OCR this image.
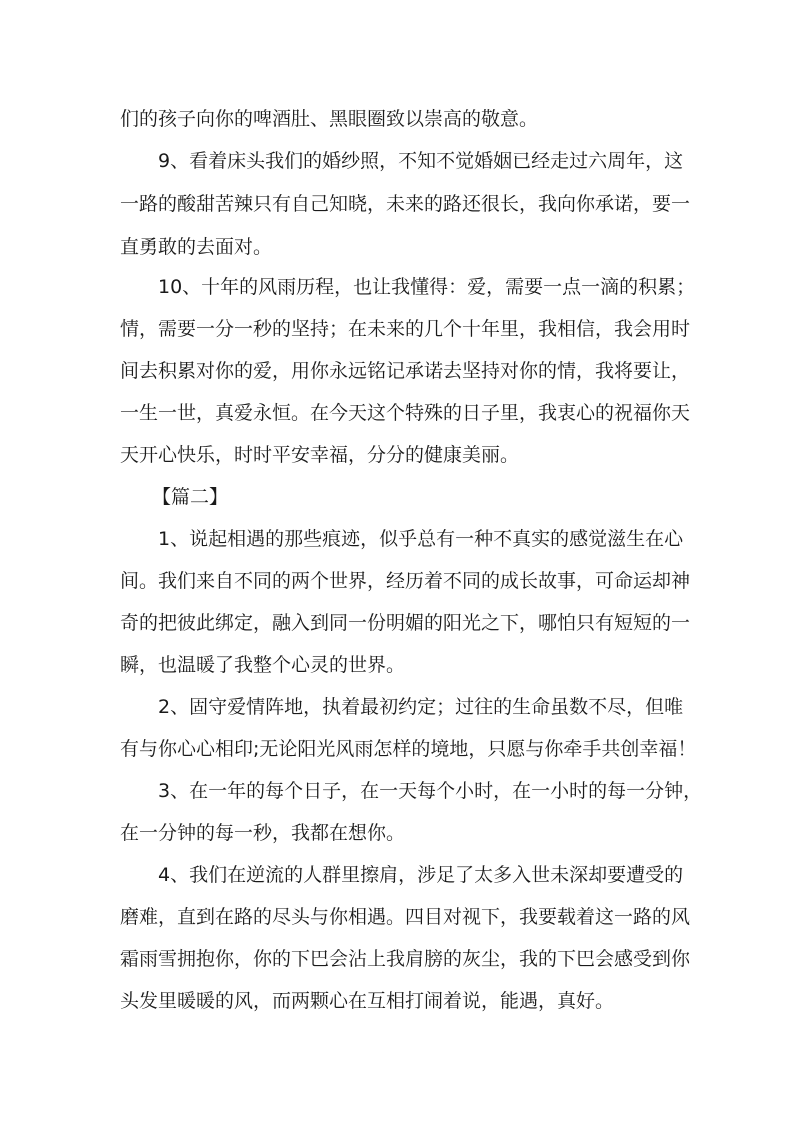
们的孩子向你的啤酒肚、黑眼圈致以崇高的敬意。
9、看着床头我们的婚纱照，不知不觉婚姻已经走过六周年，这
一路的酸甜苦辣只有自己知晓，未来的路还很长，我向你承诺，要一
直勇敢的去面对。
10、十年的风雨历程，也让我懂得：爱，需要一点一滴的积累；
情，需要一分一秒的坚持；在未来的几个十年里，我相信，我会用时
间去积累对你的爱，用你永远铭记承诺去坚持对你的情，我将要让，
一生一世，真爱永恒。在今天这个特殊的日子里，我衷心的祝福你天
天开心快乐，时时平安幸福，分分的健康美丽。
【篇二】
1、说起相遇的那些痕迹，似乎总有一种不真实的感觉滋生在心
间。我们来自不同的两个世界，经历着不同的成长故事，可命运却神
奇的把彼此绑定，融入到同一份明媚的阳光之下，哪怕只有短短的一
瞬，也温暖了我整个心灵的世界。
2、固守爱情阵地，执着最初约定；过往的生命虽数不尽，但唯
有与你心心相印;无论阳光风雨怎样的境地，只愿与你牵手共创幸福！
3、在一年的每个日子，在一天每个小时，在一小时的每一分钟，
在一分钟的每一秒，我都在想你。
4、我们在逆流的人群里擦肩，涉足了太多入世未深却要遭受的
磨难，直到在路的尽头与你相遇。四目对视下，我要载着这一路的风
霜雨雪拥抱你，你的下巴会沾上我肩膀的灰尘，我的下巴会感受到你
头发里暖暖的风，而两颗心在互相打闹着说，能遇，真好。
